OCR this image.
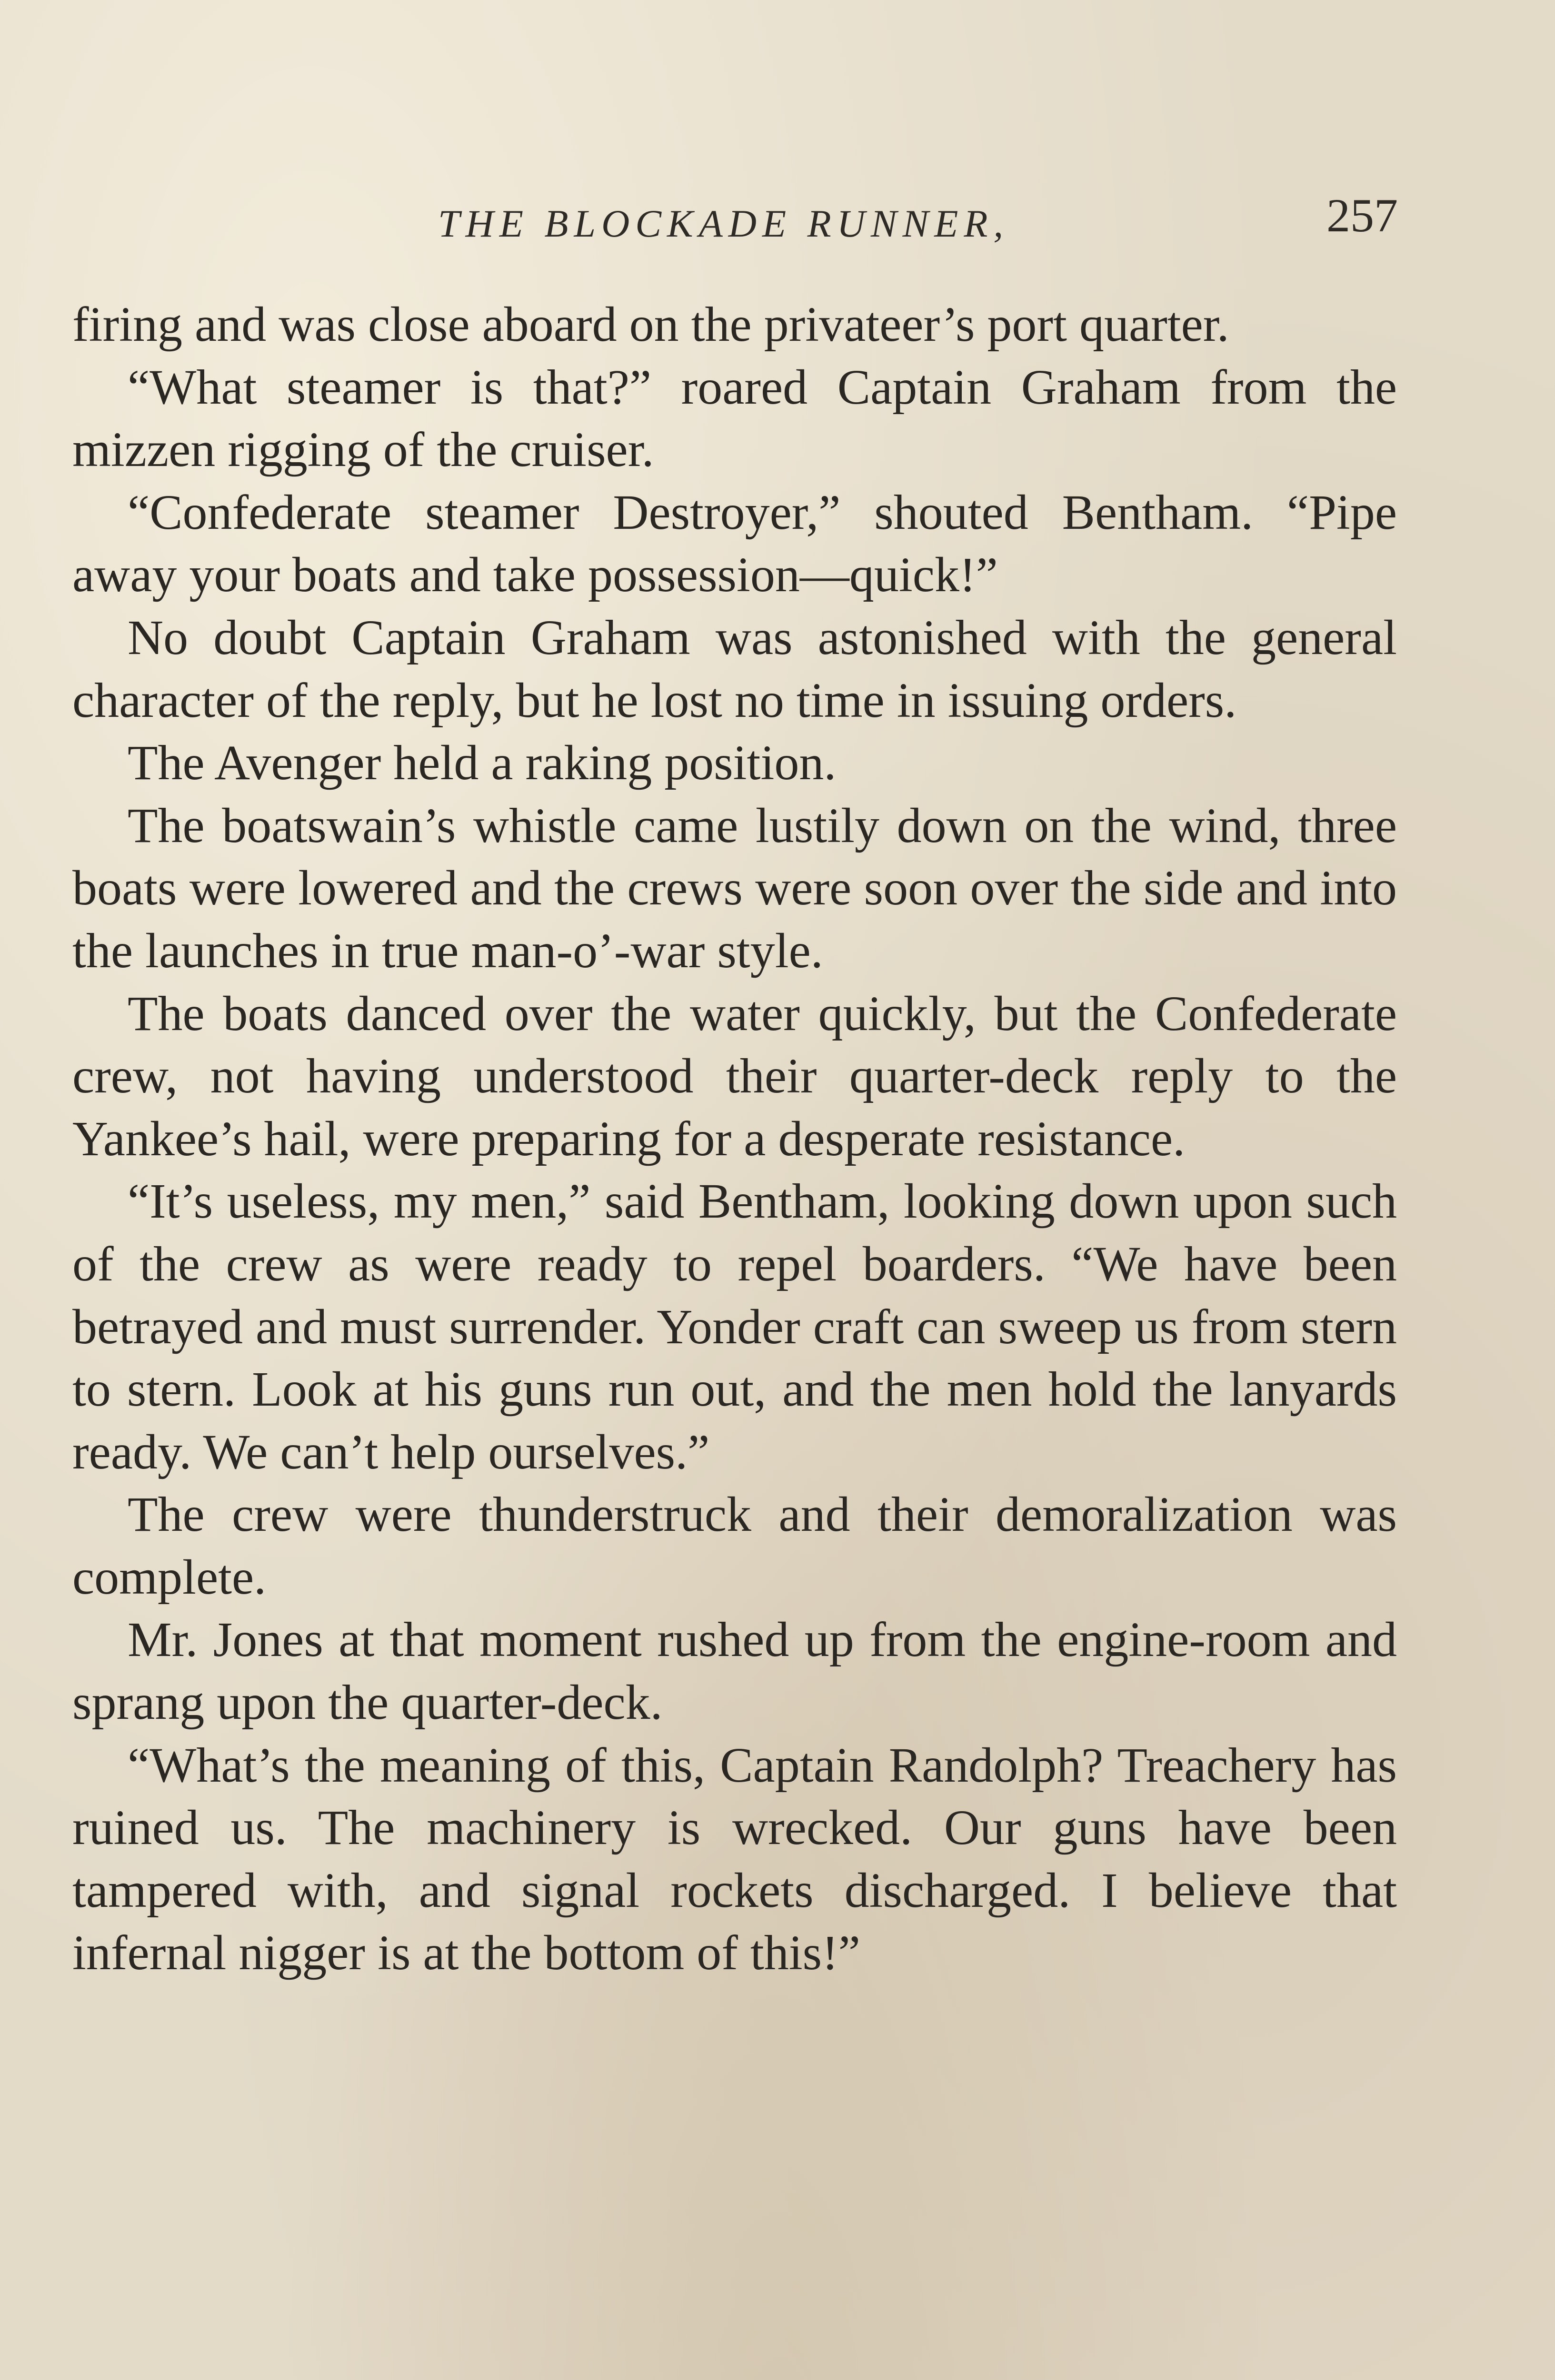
THE BLOCKADE RUNNER,	257

firing and was close aboard on the privateer’s port quarter.

“What steamer is that?” roared Captain Graham from the mizzen rigging of the cruiser.

“Confederate steamer Destroyer,” shouted Bentham. “Pipe away your boats and take possession—quick!”

No doubt Captain Graham was astonished with the general character of the reply, but he lost no time in issuing orders.

The Avenger held a raking position.

The boatswain’s whistle came lustily down on the wind, three boats were lowered and the crews were soon over the side and into the launches in true man-o’-war style.

The boats danced over the water quickly, but the Confederate crew, not having understood their quarter-deck reply to the Yankee’s hail, were preparing for a desperate resistance.

“It’s useless, my men,” said Bentham, looking down upon such of the crew as were ready to repel boarders. “We have been betrayed and must surrender. Yonder craft can sweep us from stern to stern. Look at his guns run out, and the men hold the lanyards ready. We can’t help ourselves.”

The crew were thunderstruck and their demoralization was complete.

Mr. Jones at that moment rushed up from the engine-room and sprang upon the quarter-deck.

“What’s the meaning of this, Captain Randolph? Treachery has ruined us. The machinery is wrecked. Our guns have been tampered with, and signal rockets discharged. I believe that infernal nigger is at the bottom of this!”
